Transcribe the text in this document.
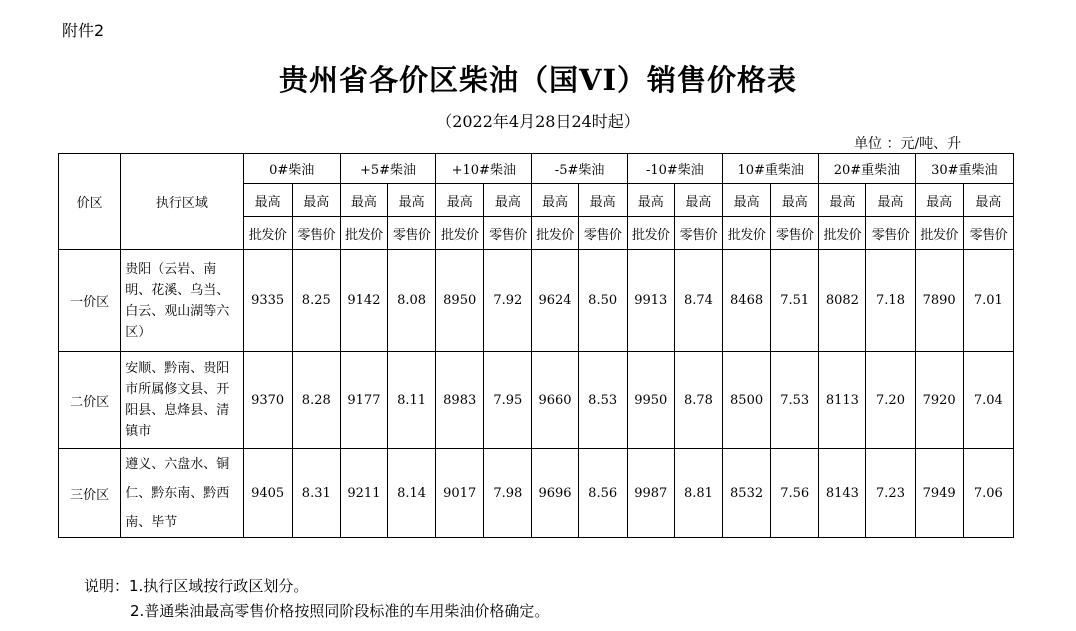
附件2
贵州省各价区柴油（国VI）销售价格表
（2022年4月28日24时起）
单位 ：元/吨、升
价区	执行区域	0#柴油		+5#柴油		+10#柴油		-5#柴油		-10#柴油		10#重柴油		20#重柴油		30#重柴油	
		最高	最高	最高	最高	最高	最高	最高	最高	最高	最高	最高	最高	最高	最高	最高	最高
		批发价	零售价	批发价	零售价	批发价	零售价	批发价	零售价	批发价	零售价	批发价	零售价	批发价	零售价	批发价	零售价
一价区	贵阳（云岩、南明、花溪、乌当、白云、观山湖等六区）	9335	8.25	9142	8.08	8950	7.92	9624	8.50	9913	8.74	8468	7.51	8082	7.18	7890	7.01
二价区	安顺、黔南、贵阳市所属修文县、开阳县、息烽县、清镇市	9370	8.28	9177	8.11	8983	7.95	9660	8.53	9950	8.78	8500	7.53	8113	7.20	7920	7.04
三价区	遵义、六盘水、铜仁、黔东南、黔西南、毕节	9405	8.31	9211	8.14	9017	7.98	9696	8.56	9987	8.81	8532	7.56	8143	7.23	7949	7.06
说明：1.执行区域按行政区划分。
2.普通柴油最高零售价格按照同阶段标准的车用柴油价格确定。
